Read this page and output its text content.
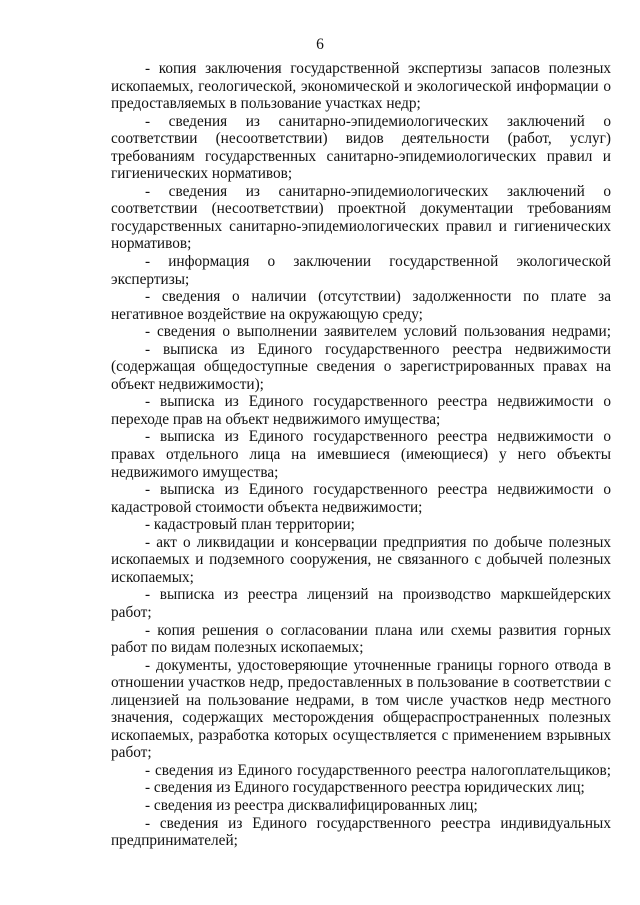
6

- копия заключения государственной экспертизы запасов полезных ископаемых, геологической, экономической и экологической информации о предоставляемых в пользование участках недр;

- сведения из санитарно-эпидемиологических заключений о соответствии (несоответствии) видов деятельности (работ, услуг) требованиям государственных санитарно-эпидемиологических правил и гигиенических нормативов;

- сведения из санитарно-эпидемиологических заключений о соответствии (несоответствии) проектной документации требованиям государственных санитарно-эпидемиологических правил и гигиенических нормативов;

- информация о заключении государственной экологической экспертизы;

- сведения о наличии (отсутствии) задолженности по плате за негативное воздействие на окружающую среду;

- сведения о выполнении заявителем условий пользования недрами;

- выписка из Единого государственного реестра недвижимости (содержащая общедоступные сведения о зарегистрированных правах на объект недвижимости);

- выписка из Единого государственного реестра недвижимости о переходе прав на объект недвижимого имущества;

- выписка из Единого государственного реестра недвижимости о правах отдельного лица на имевшиеся (имеющиеся) у него объекты недвижимого имущества;

- выписка из Единого государственного реестра недвижимости о кадастровой стоимости объекта недвижимости;

- кадастровый план территории;

- акт о ликвидации и консервации предприятия по добыче полезных ископаемых и подземного сооружения, не связанного с добычей полезных ископаемых;

- выписка из реестра лицензий на производство маркшейдерских работ;

- копия решения о согласовании плана или схемы развития горных работ по видам полезных ископаемых;

- документы, удостоверяющие уточненные границы горного отвода в отношении участков недр, предоставленных в пользование в соответствии с лицензией на пользование недрами, в том числе участков недр местного значения, содержащих месторождения общераспространенных полезных ископаемых, разработка которых осуществляется с применением взрывных работ;

- сведения из Единого государственного реестра налогоплательщиков;

- сведения из Единого государственного реестра юридических лиц;

- сведения из реестра дисквалифицированных лиц;

- сведения из Единого государственного реестра индивидуальных предпринимателей;
